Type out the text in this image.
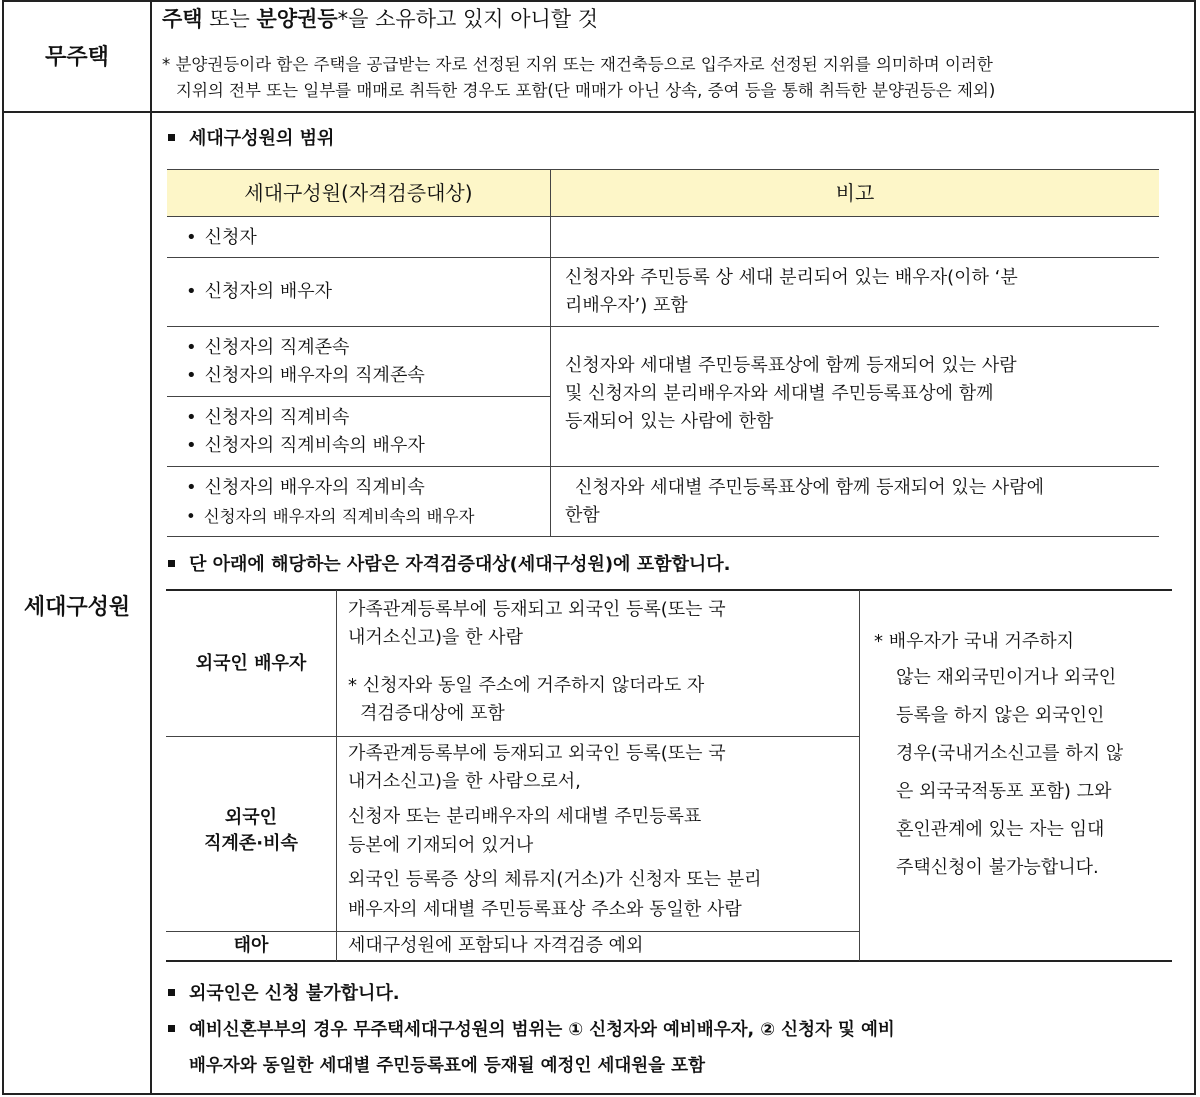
무주택
주택 또는 분양권등*을 소유하고 있지 아니할 것
* 분양권등이라 함은 주택을 공급받는 자로 선정된 지위 또는 재건축등으로 입주자로 선정된 지위를 의미하며 이러한
지위의 전부 또는 일부를 매매로 취득한 경우도 포함(단 매매가 아닌 상속, 증여 등을 통해 취득한 분양권등은 제외)
세대구성원
세대구성원의 범위
세대구성원(자격검증대상)	비고
• 신청자
• 신청자의 배우자
신청자와 주민등록 상 세대 분리되어 있는 배우자(이하 ‘분
리배우자’) 포함
• 신청자의 직계존속
• 신청자의 배우자의 직계존속
• 신청자의 직계비속
• 신청자의 직계비속의 배우자
신청자와 세대별 주민등록표상에 함께 등재되어 있는 사람
및 신청자의 분리배우자와 세대별 주민등록표상에 함께
등재되어 있는 사람에 한함
• 신청자의 배우자의 직계비속
• 신청자의 배우자의 직계비속의 배우자
신청자와 세대별 주민등록표상에 함께 등재되어 있는 사람에
한함
단 아래에 해당하는 사람은 자격검증대상(세대구성원)에 포함합니다.
외국인 배우자
가족관계등록부에 등재되고 외국인 등록(또는 국
내거소신고)을 한 사람
* 신청자와 동일 주소에 거주하지 않더라도 자
격검증대상에 포함
외국인
직계존·비속
가족관계등록부에 등재되고 외국인 등록(또는 국
내거소신고)을 한 사람으로서,
신청자 또는 분리배우자의 세대별 주민등록표
등본에 기재되어 있거나
외국인 등록증 상의 체류지(거소)가 신청자 또는 분리
배우자의 세대별 주민등록표상 주소와 동일한 사람
태아	세대구성원에 포함되나 자격검증 예외
* 배우자가 국내 거주하지
않는 재외국민이거나 외국인
등록을 하지 않은 외국인인
경우(국내거소신고를 하지 않
은 외국국적동포 포함) 그와
혼인관계에 있는 자는 임대
주택신청이 불가능합니다.
외국인은 신청 불가합니다.
예비신혼부부의 경우 무주택세대구성원의 범위는 ① 신청자와 예비배우자, ② 신청자 및 예비
배우자와 동일한 세대별 주민등록표에 등재될 예정인 세대원을 포함
